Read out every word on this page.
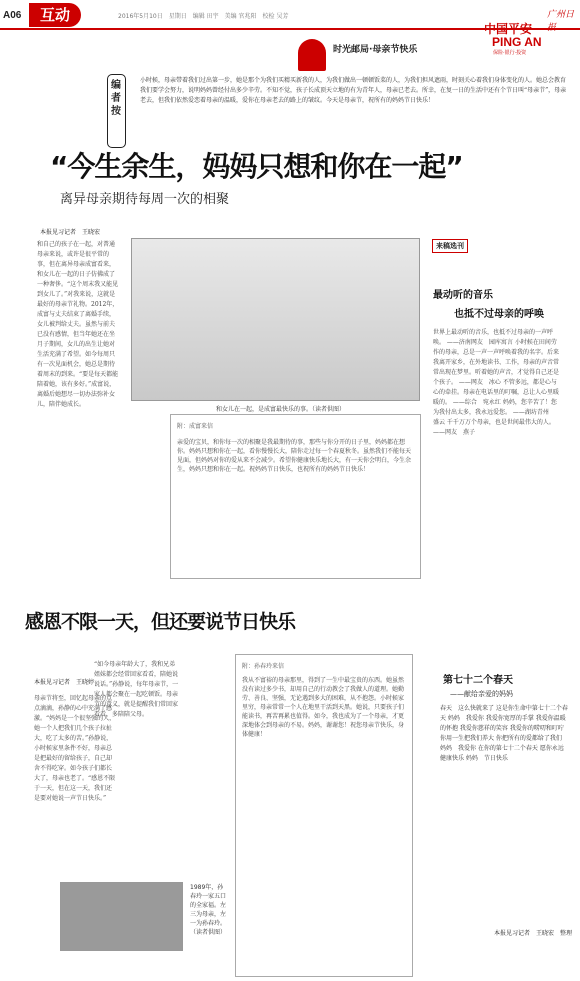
A06	互动	2016年5月10日　星期日　编辑 田宇　美编 官兆阳　校检 吴芳
中国平安
PING AN
保险·银行·投资
广州日报
时光邮局·母亲节快乐
编者按
小时候，母亲带着我们过出第一步，她是那个为我们买精买新我的人，为我们做出一顿顿饭菜的人，为我们担风遮雨，时刻关心着我们身体变化的人。她总会教育我们要学会努力，说明妈妈曾经付出多少辛劳。不知不觉，孩子长成顶天立地的有为青年人，母亲已老去。所幸，在复一日的生活中还有个节日叫“母亲节”，母亲老去，但我们依然爱恋着母亲的温暖，爱你在母亲老去的路上的皱纹。今天是母亲节，祝所有的妈妈节日快乐！
“今生余生，妈妈只想和你在一起”
离异母亲期待每周一次的相聚
本报见习记者　王晓宏
和自己的孩子在一起，对普通母亲来说，或许是很平常的事，但在离异母亲成富看来，和女儿在一起的日子仿佛成了一种奢侈。“这个周末我又能见到女儿了。”对我来说，这就是最好的母亲节礼物。2012年，成富与丈夫结束了离婚手续，女儿被判给丈夫。虽然与前夫已没有感情，但当年她还在坐月子期间，女儿的出生让她对生活充满了希望。如今每周只有一次见面机会，她总是期待着周末的到来。“要是每天都能陪着她，该有多好。”成富说，离婚后她想尽一切办法弥补女儿，陪伴她成长。
和女儿在一起，是成富最快乐的事。（读者供图）
附：成富来信
亲爱的宝贝，和你每一次的相聚是我最期待的事，那些与你分开的日子里，妈妈都在想你。妈妈只想和你在一起，看你慢慢长大，陪你走过每一个春夏秋冬。虽然我们不能每天见面，但妈妈对你的爱从来不会减少。希望你健康快乐地长大，有一天你会明白，今生余生，妈妈只想和你在一起。祝妈妈节日快乐，也祝所有的妈妈节日快乐！
来稿选刊
最动听的音乐
也抵不过母亲的呼唤
世界上最动听的音乐，也抵不过母亲的一声呼唤。 ——济南网友　园库寓言 小时候在田间劳作的母亲，总是一声一声呼唤着我的名字。后来我离开家乡，在外地读书、工作，母亲的声音常常出现在梦里。听着她的声音，才觉得自己还是个孩子。 ——网友　冰心 不管多远，都是心与心的牵挂。母亲在电话里的叮嘱，总让人心里暖暖的。 ——综合　宛永红 妈妈，您辛苦了！您为我付出太多，我永远爱您。 ——湖坊青州　盛云 千千万万个母亲，也是世间最伟大的人。 ——网友　燕子
感恩不限一天，但还要说节日快乐
本报见习记者　王晓婷
母亲节将至，回忆起母亲的点点滴滴，孙静的心中充满了感激。“妈妈是一个很坚强的人，她一个人把我们几个孩子拉扯大，吃了太多的苦。”孙静说，小时候家里条件不好，母亲总是把最好的留给孩子，自己却舍不得吃穿。如今孩子们都长大了，母亲也老了。“感恩不限于一天，但在这一天，我们还是要对她说一声节日快乐。”
“如今母亲年龄大了，我和兄弟姐妹都会经常回家看看，陪她说说话。”孙静说，每年母亲节，一家人都会聚在一起吃顿饭。母亲节的意义，就是提醒我们常回家看看，多陪陪父母。
1989年，孙春玲一家五口的全家福。左三为母亲，左一为孙春玲。（读者供图）
附：孙春玲来信
我从不富裕的母亲那里，得到了一生中最宝贵的东西。她虽然没有读过多少书，却用自己的行动教会了我做人的道理。她勤劳、善良、坚强，无论遇到多大的困难，从不抱怨。小时候家里穷，母亲常常一个人在地里干活到天黑。她说，只要孩子们能读书，再苦再累也值得。如今，我也成为了一个母亲，才更深地体会到母亲的不易。妈妈，谢谢您！祝您母亲节快乐，身体健康！
第七十二个春天
——献给亲爱的妈妈
春天　这么快就来了 这是你生命中第七十二个春天 妈妈　我爱你 我爱你宽厚的手掌 我爱你温暖的怀抱 我爱你慈祥的笑容 我爱你的唠叨和叮咛 你用一生把我们养大 你把所有的爱都给了我们 妈妈　我爱你 在你的第七十二个春天 愿你永远健康快乐 妈妈　节日快乐
本报见习记者　王晓宏　整理
